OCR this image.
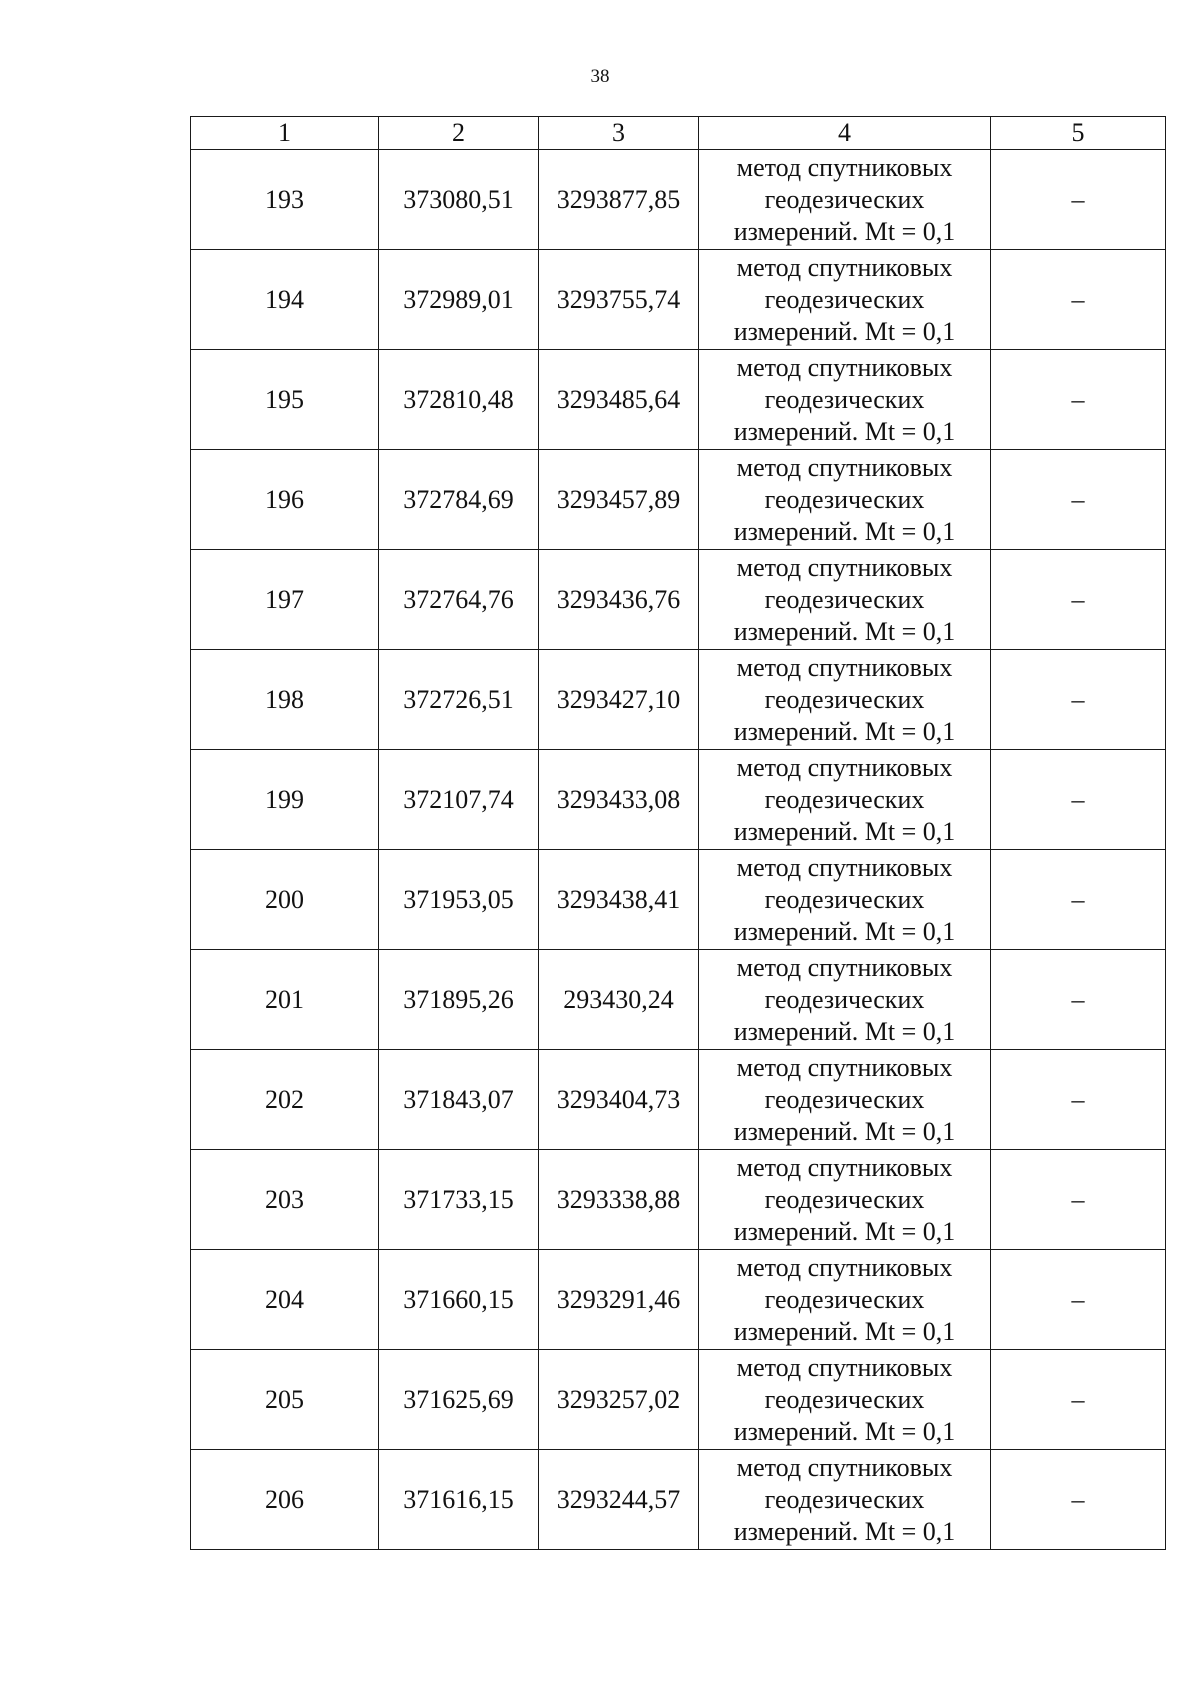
38
1	2	3	4	5
193	373080,51	3293877,85	метод спутниковых
геодезических
измерений. Mt = 0,1	–
194	372989,01	3293755,74	метод спутниковых
геодезических
измерений. Mt = 0,1	–
195	372810,48	3293485,64	метод спутниковых
геодезических
измерений. Mt = 0,1	–
196	372784,69	3293457,89	метод спутниковых
геодезических
измерений. Mt = 0,1	–
197	372764,76	3293436,76	метод спутниковых
геодезических
измерений. Mt = 0,1	–
198	372726,51	3293427,10	метод спутниковых
геодезических
измерений. Mt = 0,1	–
199	372107,74	3293433,08	метод спутниковых
геодезических
измерений. Mt = 0,1	–
200	371953,05	3293438,41	метод спутниковых
геодезических
измерений. Mt = 0,1	–
201	371895,26	293430,24	метод спутниковых
геодезических
измерений. Mt = 0,1	–
202	371843,07	3293404,73	метод спутниковых
геодезических
измерений. Mt = 0,1	–
203	371733,15	3293338,88	метод спутниковых
геодезических
измерений. Mt = 0,1	–
204	371660,15	3293291,46	метод спутниковых
геодезических
измерений. Mt = 0,1	–
205	371625,69	3293257,02	метод спутниковых
геодезических
измерений. Mt = 0,1	–
206	371616,15	3293244,57	метод спутниковых
геодезических
измерений. Mt = 0,1	–
